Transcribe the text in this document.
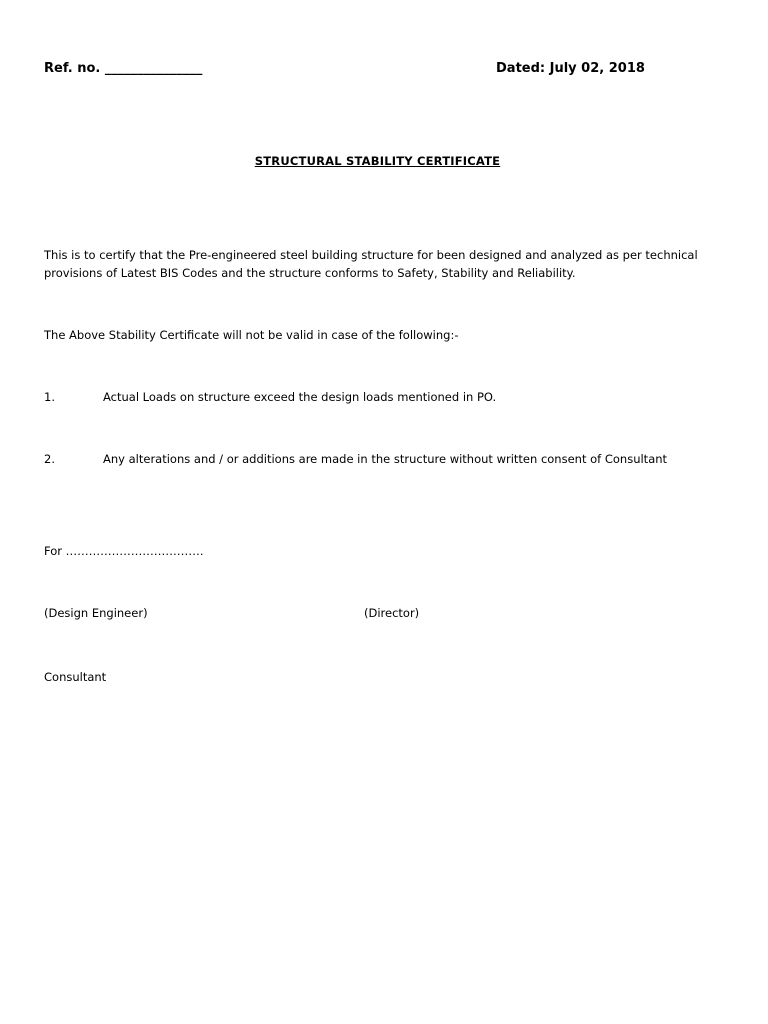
Ref. no. _______________	Dated: July 02, 2018
STRUCTURAL STABILITY CERTIFICATE
This is to certify that the Pre-engineered steel building structure for been designed and analyzed as per technical
provisions of Latest BIS Codes and the structure conforms to Safety, Stability and Reliability.
The Above Stability Certificate will not be valid in case of the following:-
1.	Actual Loads on structure exceed the design loads mentioned in PO.
2.	Any alterations and / or additions are made in the structure without written consent of Consultant
For ………………………………
(Design Engineer)	(Director)
Consultant
